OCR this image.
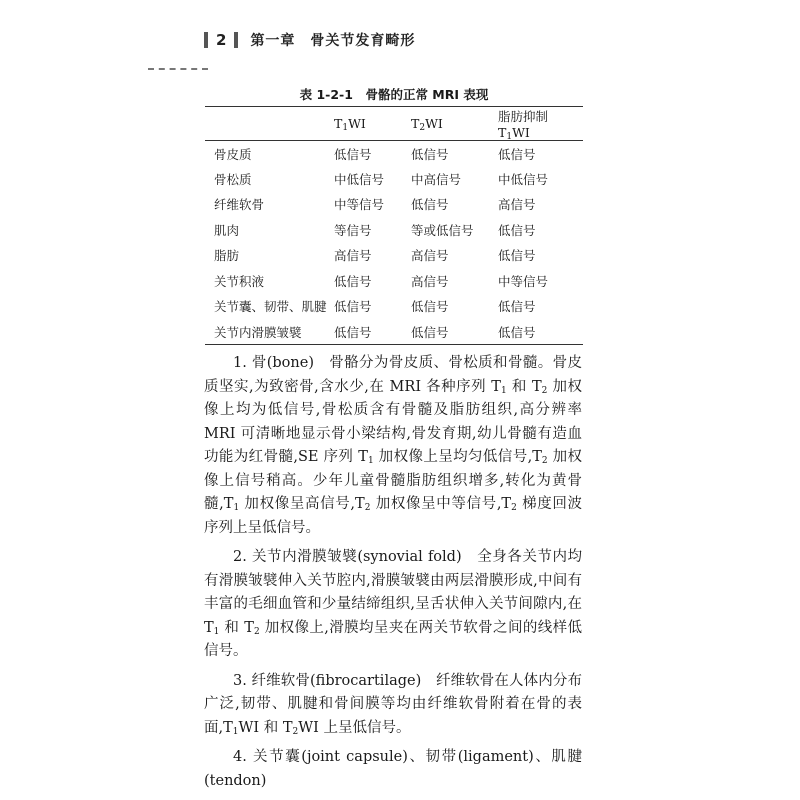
2 第一章　骨关节发育畸形
表 1-2-1　骨骼的正常 MRI 表现
	$T_1WI$	$T_2WI$	脂肪抑制 $T_1WI$
骨皮质	低信号	低信号	低信号
骨松质	中低信号	中高信号	中低信号
纤维软骨	中等信号	低信号	高信号
肌肉	等信号	等或低信号	低信号
脂肪	高信号	高信号	低信号
关节积液	低信号	高信号	中等信号
关节囊、韧带、肌腱	低信号	低信号	低信号
关节内滑膜皱襞	低信号	低信号	低信号

1. 骨(bone)　骨骼分为骨皮质、骨松质和骨髓。骨皮质坚实,为致密骨,含水少,在 MRI 各种序列 $T_1$ 和 $T_2$ 加权像上均为低信号,骨松质含有骨髓及脂肪组织,高分辨率 MRI 可清晰地显示骨小梁结构,骨发育期,幼儿骨髓有造血功能为红骨髓,SE 序列 $T_1$ 加权像上呈均匀低信号$,T_2$ 加权像上信号稍高。少年儿童骨髓脂肪组织增多,转化为黄骨髓$,T_1$ 加权像呈高信号$,T_2$ 加权像呈中等信号$,T_2$ 梯度回波序列上呈低信号。

2. 关节内滑膜皱襞(synovial fold)　全身各关节内均有滑膜皱襞伸入关节腔内,滑膜皱襞由两层滑膜形成,中间有丰富的毛细血管和少量结缔组织,呈舌状伸入关节间隙内,在 $T_1$ 和 $T_2$ 加权像上,滑膜均呈夹在两关节软骨之间的线样低信号。

3. 纤维软骨(fibrocartilage)　纤维软骨在人体内分布广泛,韧带、肌腱和骨间膜等均由纤维软骨附着在骨的表面$,T_1WI$ 和 $T_2WI$ 上呈低信号。

4. 关节囊(joint capsule)、韧带(ligament)、肌腱(tendon)
